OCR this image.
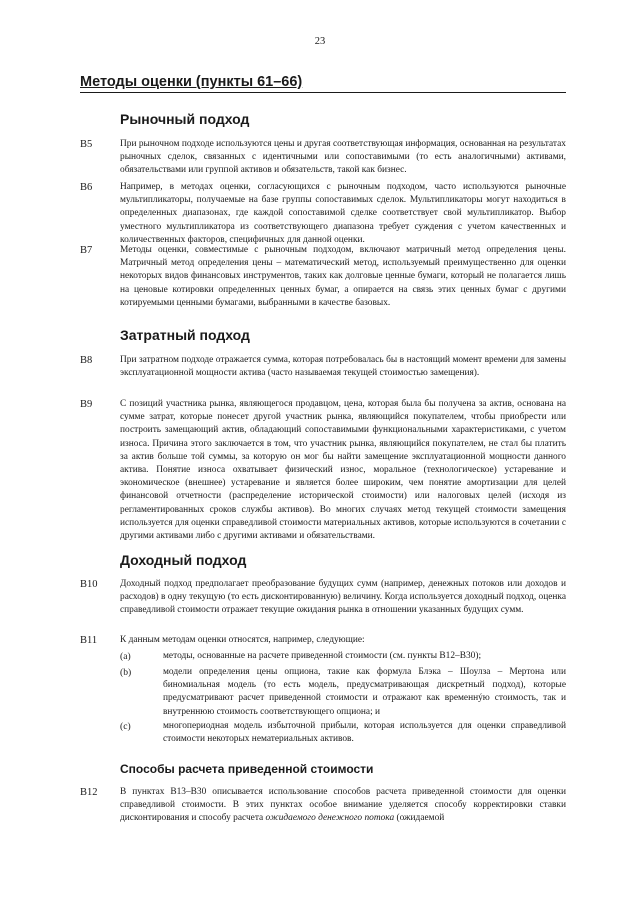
23
Методы оценки (пункты 61–66)
Рыночный подход
B5	При рыночном подходе используются цены и другая соответствующая информация, основанная на результатах рыночных сделок, связанных с идентичными или сопоставимыми (то есть аналогичными) активами, обязательствами или группой активов и обязательств, такой как бизнес.
B6	Например, в методах оценки, согласующихся с рыночным подходом, часто используются рыночные мультипликаторы, получаемые на базе группы сопоставимых сделок. Мультипликаторы могут находиться в определенных диапазонах, где каждой сопоставимой сделке соответствует свой мультипликатор. Выбор уместного мультипликатора из соответствующего диапазона требует суждения с учетом качественных и количественных факторов, специфичных для данной оценки.
B7	Методы оценки, совместимые с рыночным подходом, включают матричный метод определения цены. Матричный метод определения цены – математический метод, используемый преимущественно для оценки некоторых видов финансовых инструментов, таких как долговые ценные бумаги, который не полагается лишь на ценовые котировки определенных ценных бумаг, а опирается на связь этих ценных бумаг с другими котируемыми ценными бумагами, выбранными в качестве базовых.
Затратный подход
B8	При затратном подходе отражается сумма, которая потребовалась бы в настоящий момент времени для замены эксплуатационной мощности актива (часто называемая текущей стоимостью замещения).
B9	С позиций участника рынка, являющегося продавцом, цена, которая была бы получена за актив, основана на сумме затрат, которые понесет другой участник рынка, являющийся покупателем, чтобы приобрести или построить замещающий актив, обладающий сопоставимыми функциональными характеристиками, с учетом износа. Причина этого заключается в том, что участник рынка, являющийся покупателем, не стал бы платить за актив больше той суммы, за которую он мог бы найти замещение эксплуатационной мощности данного актива. Понятие износа охватывает физический износ, моральное (технологическое) устаревание и экономическое (внешнее) устаревание и является более широким, чем понятие амортизации для целей финансовой отчетности (распределение исторической стоимости) или налоговых целей (исходя из регламентированных сроков службы активов). Во многих случаях метод текущей стоимости замещения используется для оценки справедливой стоимости материальных активов, которые используются в сочетании с другими активами либо с другими активами и обязательствами.
Доходный подход
B10 Доходный подход предполагает преобразование будущих сумм (например, денежных потоков или доходов и расходов) в одну текущую (то есть дисконтированную) величину. Когда используется доходный подход, оценка справедливой стоимости отражает текущие ожидания рынка в отношении указанных будущих сумм.
B11 К данным методам оценки относятся, например, следующие:
(a)	методы, основанные на расчете приведенной стоимости (см. пункты B12–B30);
(b)	модели определения цены опциона, такие как формула Блэка – Шоулза – Мертона или биномиальная модель (то есть модель, предусматривающая дискретный подход), которые предусматривают расчет приведенной стоимости и отражают как временнýю стоимость, так и внутреннюю стоимость соответствующего опциона; и
(c)	многопериодная модель избыточной прибыли, которая используется для оценки справедливой стоимости некоторых нематериальных активов.
Способы расчета приведенной стоимости
B12 В пунктах B13–B30 описывается использование способов расчета приведенной стоимости для оценки справедливой стоимости. В этих пунктах особое внимание уделяется способу корректировки ставки дисконтирования и способу расчета ожидаемого денежного потока (ожидаемой
